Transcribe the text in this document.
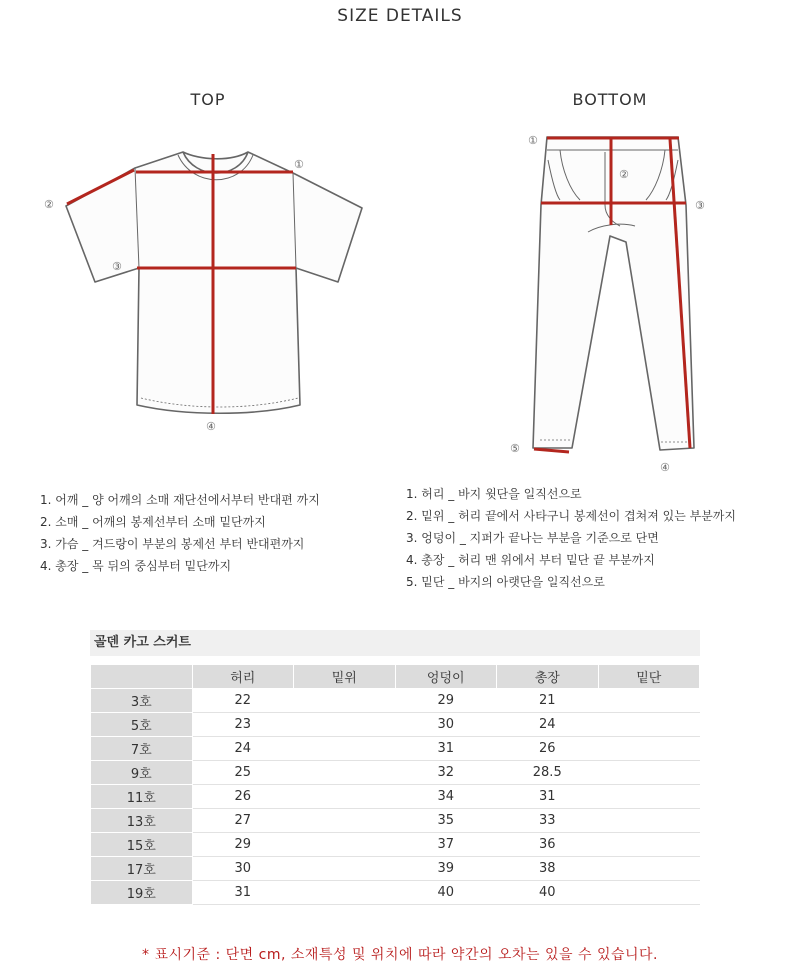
SIZE DETAILS
TOP	BOTTOM
①
②
③
④
①
②
③
④
⑤
1. 어깨 _ 양 어깨의 소매 재단선에서부터 반대편 까지
2. 소매 _ 어깨의 봉제선부터 소매 밑단까지
3. 가슴 _ 겨드랑이 부분의 봉제선 부터 반대편까지
4. 총장 _ 목 뒤의 중심부터 밑단까지
1. 허리 _ 바지 윗단을 일직선으로
2. 밑위 _ 허리 끝에서 사타구니 봉제선이 겹쳐져 있는 부분까지
3. 엉덩이 _ 지퍼가 끝나는 부분을 기준으로 단면
4. 총장 _ 허리 맨 위에서 부터 밑단 끝 부분까지
5. 밑단 _ 바지의 아랫단을 일직선으로
골덴 카고 스커트
	허리	밑위	엉덩이	총장	밑단
3호	22		29	21	
5호	23		30	24	
7호	24		31	26	
9호	25		32	28.5	
11호	26		34	31	
13호	27		35	33	
15호	29		37	36	
17호	30		39	38	
19호	31		40	40	
* 표시기준 : 단면 cm, 소재특성 및 위치에 따라 약간의 오차는 있을 수 있습니다.
